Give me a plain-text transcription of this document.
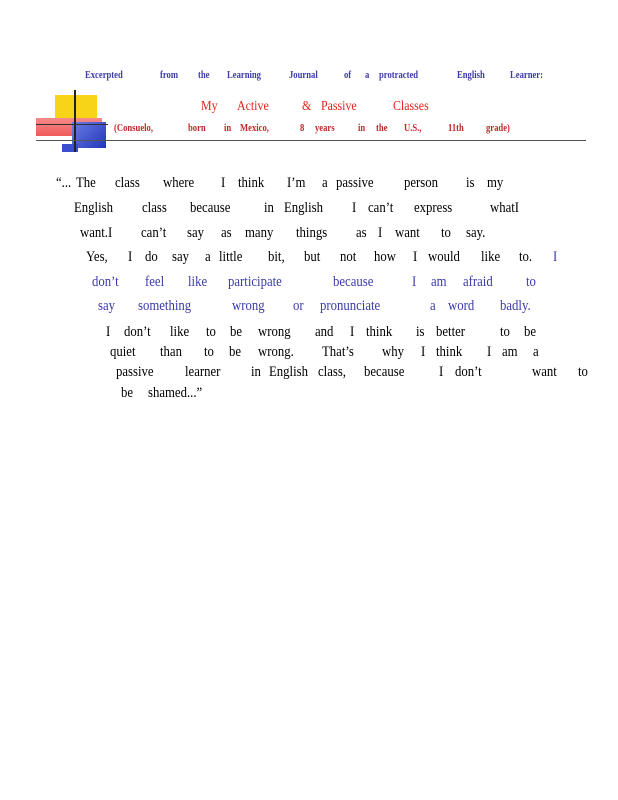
Excerpted	from the Learning	Journal	of a protracted	English Learner:
My Active & Passive	Classes
(Consuelo,	born in Mexico,	8 years in the U.S.,	11th grade)
“... The class where I think I’m a passive person is my
English class because in English I can’t express	whatI
want.I can’t say as many things as I want to say.
Yes, I do say a little bit, but not how I would like to. I
don’t feel like participate	because	I am afraid to
say something	wrong or pronunciate	a word badly.
I don’t like to be wrong and I think is better to be
quiet than to be wrong. That’s why I think I am a
passive learner in English class, because I don’t	want to
be shamed...”
